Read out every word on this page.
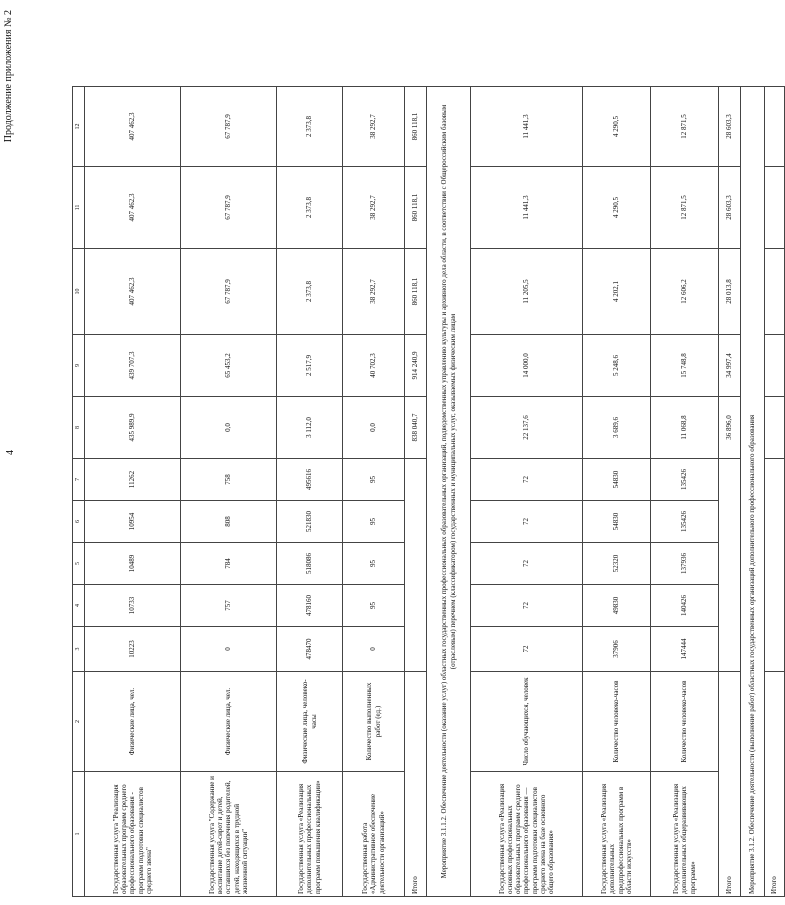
Продолжение приложения № 2
4
1	2	3	4	5	6	7	8	9	10	11	12
Государственная услуга "Реализация образовательных программ среднего профессионального образования - программ подготовки специалистов среднего звена"	Физические лица, чел.	10223	10733	10489	10954	11262	435 989,9	439 707,3	407 462,3	407 462,3	407 462,3
Государственная услуга "Содержание и воспитание детей-сирот и детей, оставшихся без попечения родителей, детей, находящихся в трудной жизненной ситуации"	Физические лица, чел.	0	757	784	808	758	0,0	65 453,2	67 787,9	67 787,9	67 787,9
Государственная услуга «Реализация дополнительных профессиональных программ повышения квалификации»	Физические лица, человеко-часы	478470	478160	518086	521830	495616	3 112,0	2 517,9	2 373,8	2 373,8	2 373,8
Государственная работа «Административное обеспечение деятельности организаций»	Количество выполненных работ (ед.)	0	95	95	95	95	0,0	40 702,3	38 292,7	38 292,7	38 292,7
Итого							838 040,7	914 240,9	860 118,1	860 118,1	860 118,1
Мероприятие 3.1.1.2. Обеспечение деятельности (оказание услуг) областных государственных профессиональных образовательных организаций, подведомственных управлению культуры и архивного дела области, в соответствии с Общероссийским базовым (отраслевым) перечнем (классификатором) государственных и муниципальных услуг, оказываемых физическим лицам											
Государственная услуга «Реализация основных профессиональных образовательных программ среднего профессионального образования — программ подготовки специалистов среднего звена на базе основного общего образования»	Число обучающихся, человек	72	72	72	72	72	22 137,6	14 000,0	11 205,5	11 441,3	11 441,3
Государственная услуга «Реализация дополнительных предпрофессиональных программ в области искусств»	Количество человеко-часов	37906	49830	52320	54830	54830	3 689,6	5 248,6	4 202,1	4 290,5	4 290,5
Государственная услуга «Реализация дополнительных общеразвивающих программ»	Количество человеко-часов	147444	140426	137936	135426	135426	11 068,8	15 748,8	12 606,2	12 871,5	12 871,5
Итого							36 896,0	34 997,4	28 013,8	28 603,3	28 603,3
Мероприятие 3.1.2. Обеспечение деятельности (выполнение работ) областных государственных организаций дополнительного профессионального образования											
Итого											
